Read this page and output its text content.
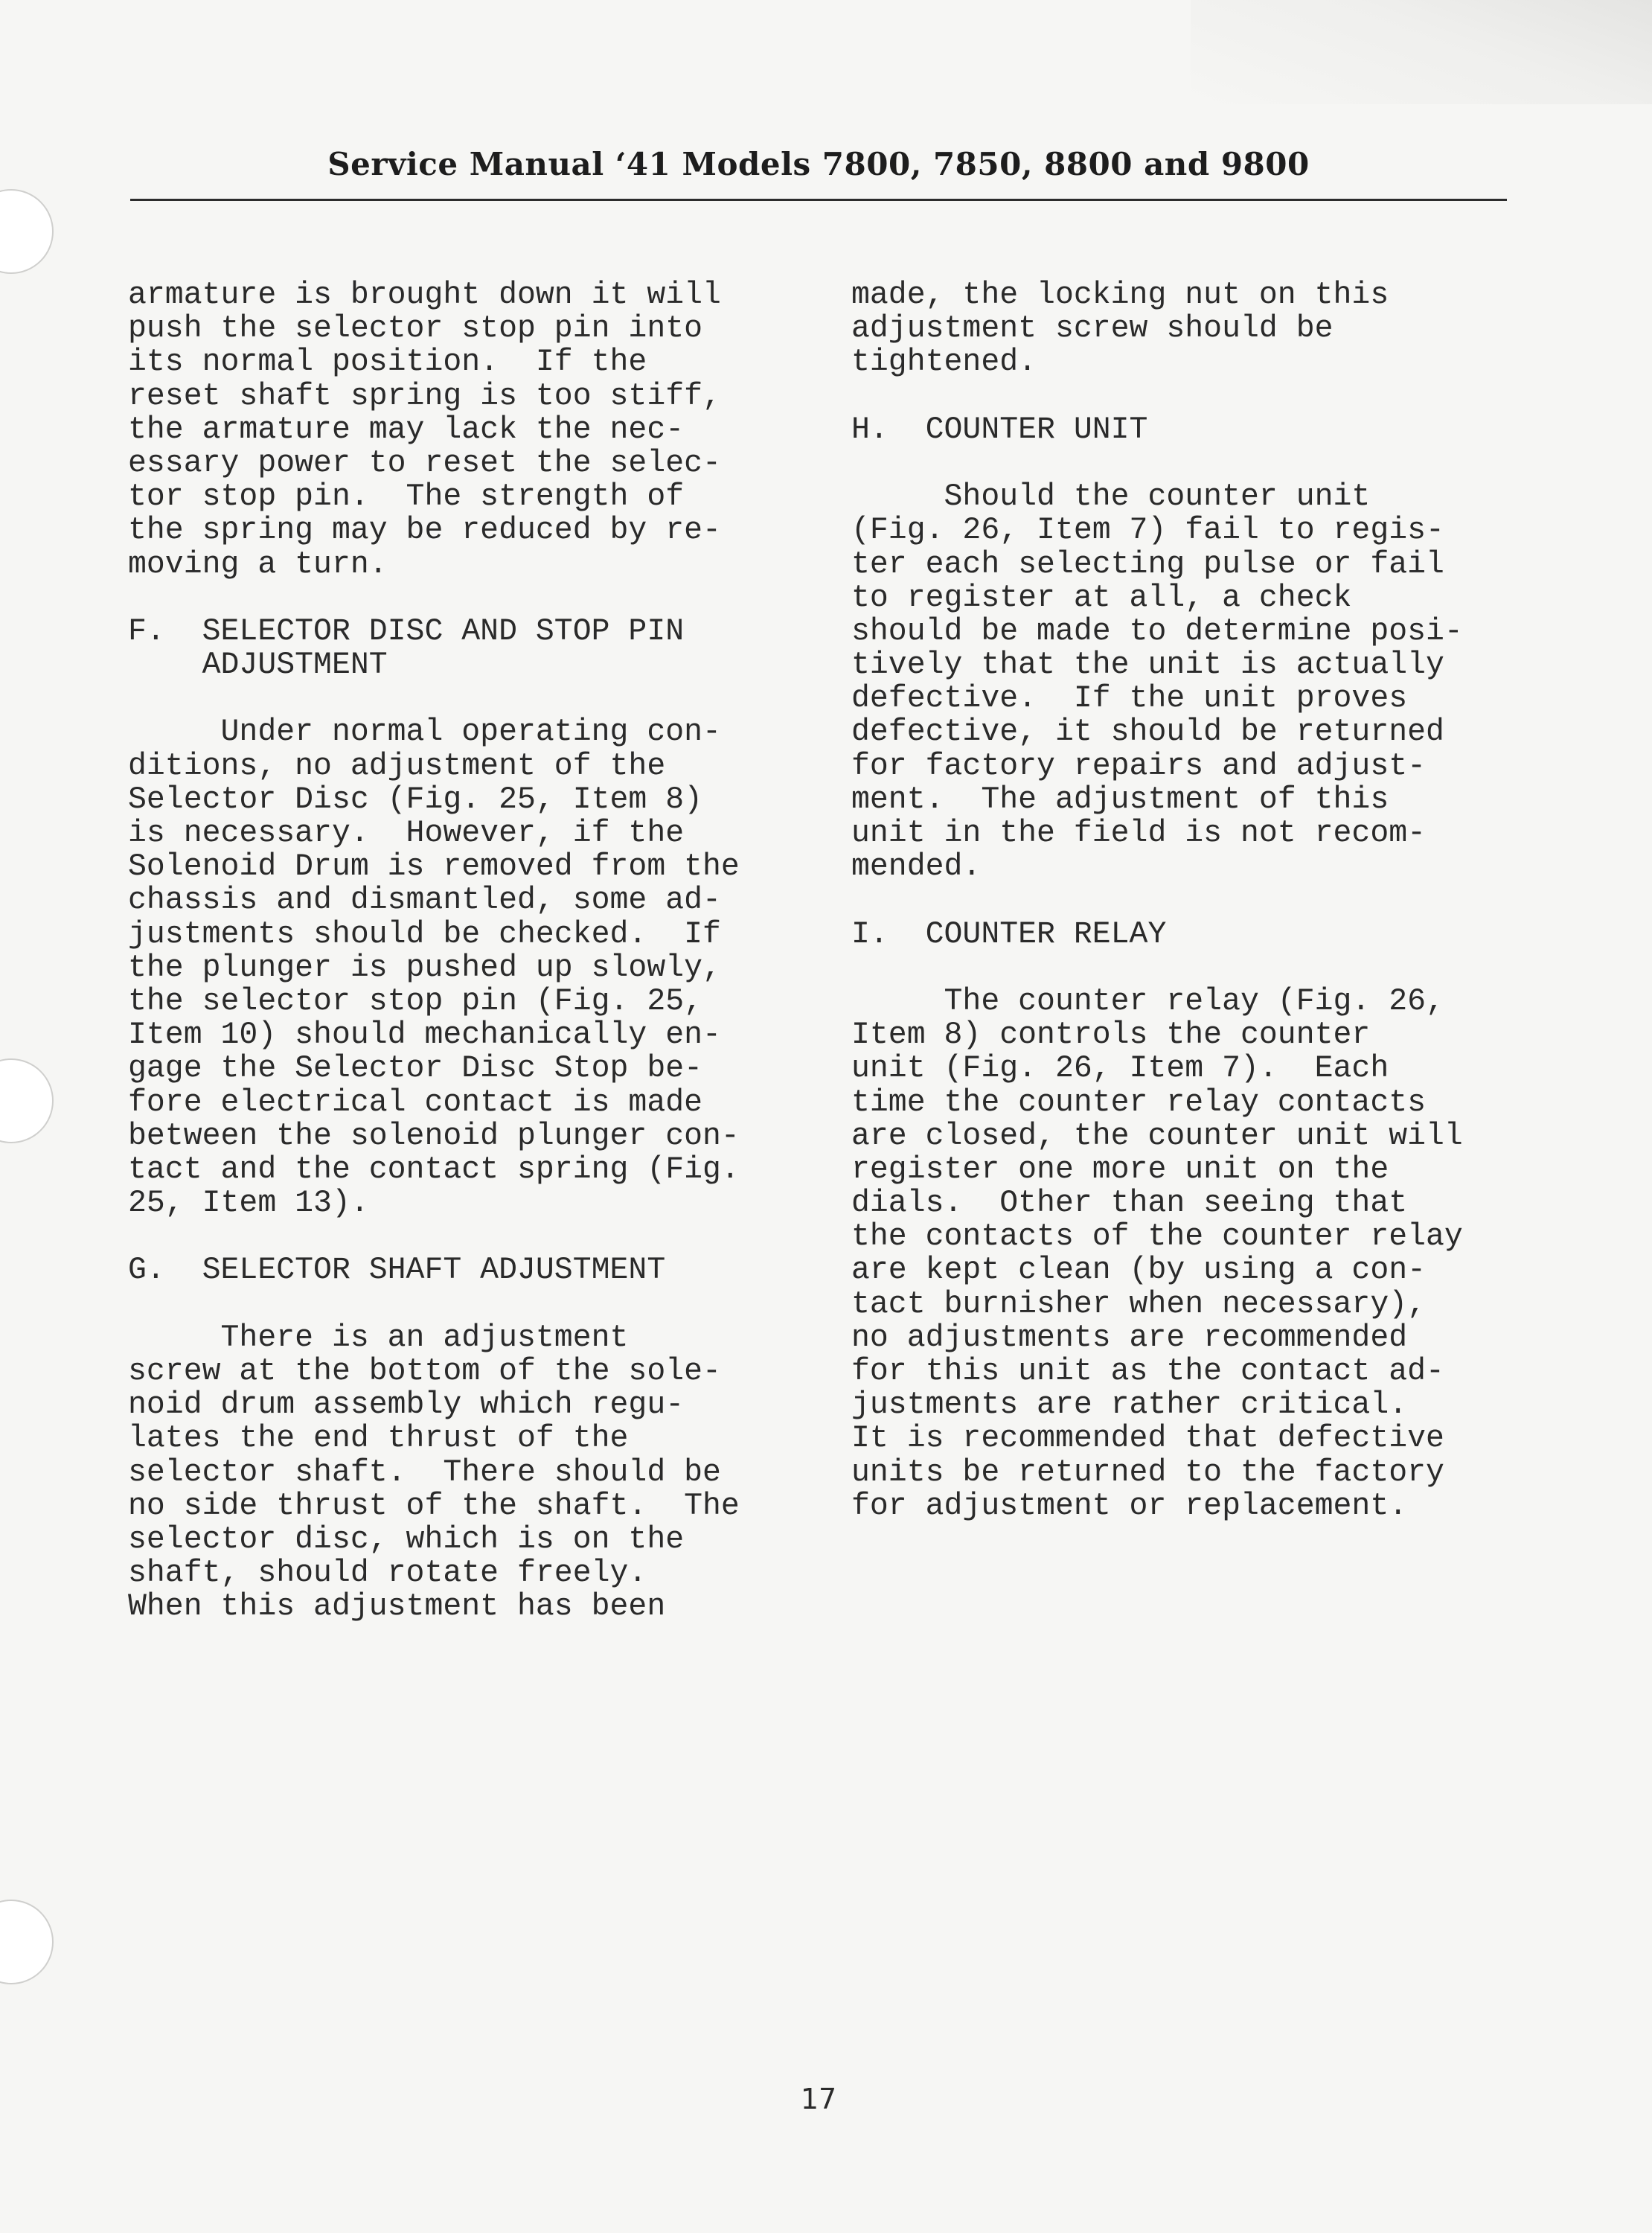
Service Manual ‘41 Models 7800, 7850, 8800 and 9800
armature is brought down it will
push the selector stop pin into
its normal position.  If the
reset shaft spring is too stiff,
the armature may lack the nec-
essary power to reset the selec-
tor stop pin.  The strength of
the spring may be reduced by re-
moving a turn.
F.  SELECTOR DISC AND STOP PIN
ADJUSTMENT
Under normal operating con-
ditions, no adjustment of the
Selector Disc (Fig. 25, Item 8)
is necessary.  However, if the
Solenoid Drum is removed from the
chassis and dismantled, some ad-
justments should be checked.  If
the plunger is pushed up slowly,
the selector stop pin (Fig. 25,
Item 10) should mechanically en-
gage the Selector Disc Stop be-
fore electrical contact is made
between the solenoid plunger con-
tact and the contact spring (Fig.
25, Item 13).
G.  SELECTOR SHAFT ADJUSTMENT
There is an adjustment
screw at the bottom of the sole-
noid drum assembly which regu-
lates the end thrust of the
selector shaft.  There should be
no side thrust of the shaft.  The
selector disc, which is on the
shaft, should rotate freely.
When this adjustment has been
made, the locking nut on this
adjustment screw should be
tightened.
H.  COUNTER UNIT
Should the counter unit
(Fig. 26, Item 7) fail to regis-
ter each selecting pulse or fail
to register at all, a check
should be made to determine posi-
tively that the unit is actually
defective.  If the unit proves
defective, it should be returned
for factory repairs and adjust-
ment.  The adjustment of this
unit in the field is not recom-
mended.
I.  COUNTER RELAY
The counter relay (Fig. 26,
Item 8) controls the counter
unit (Fig. 26, Item 7).  Each
time the counter relay contacts
are closed, the counter unit will
register one more unit on the
dials.  Other than seeing that
the contacts of the counter relay
are kept clean (by using a con-
tact burnisher when necessary),
no adjustments are recommended
for this unit as the contact ad-
justments are rather critical.
It is recommended that defective
units be returned to the factory
for adjustment or replacement.
17
